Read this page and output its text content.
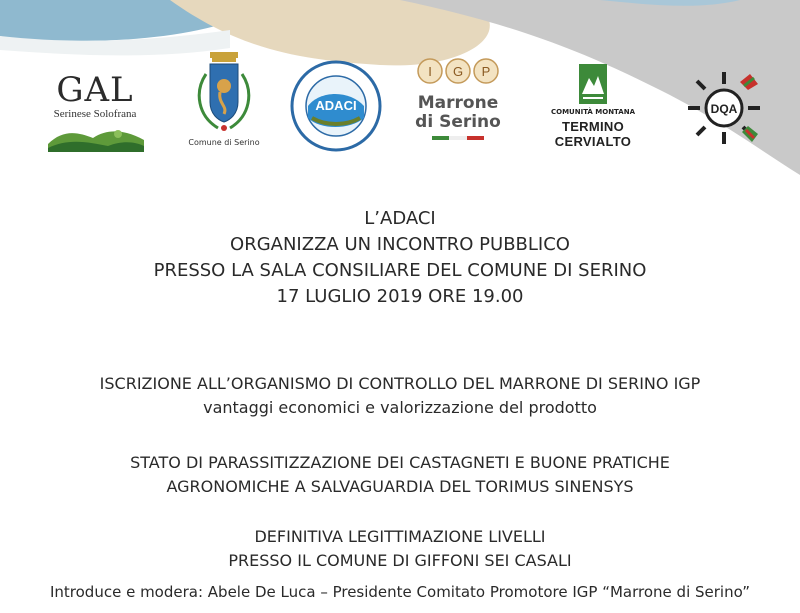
GAL
Serinese Solofrana
Comune di Serino
ADACI
I G P
Marrone
di Serino	COMUNITÀ MONTANA
TERMINO CERVIALTO
DQA
L’ADACI
ORGANIZZA UN INCONTRO PUBBLICO
PRESSO LA SALA CONSILIARE DEL COMUNE DI SERINO
17 LUGLIO 2019 ORE 19.00
ISCRIZIONE ALL’ORGANISMO DI CONTROLLO DEL MARRONE DI SERINO IGP
vantaggi economici e valorizzazione del prodotto
STATO DI PARASSITIZZAZIONE DEI CASTAGNETI E BUONE PRATICHE
AGRONOMICHE A SALVAGUARDIA DEL TORIMUS SINENSYS
DEFINITIVA LEGITTIMAZIONE LIVELLI
PRESSO IL COMUNE DI GIFFONI SEI CASALI
Introduce e modera: Abele De Luca – Presidente Comitato Promotore IGP “Marrone di Serino”
